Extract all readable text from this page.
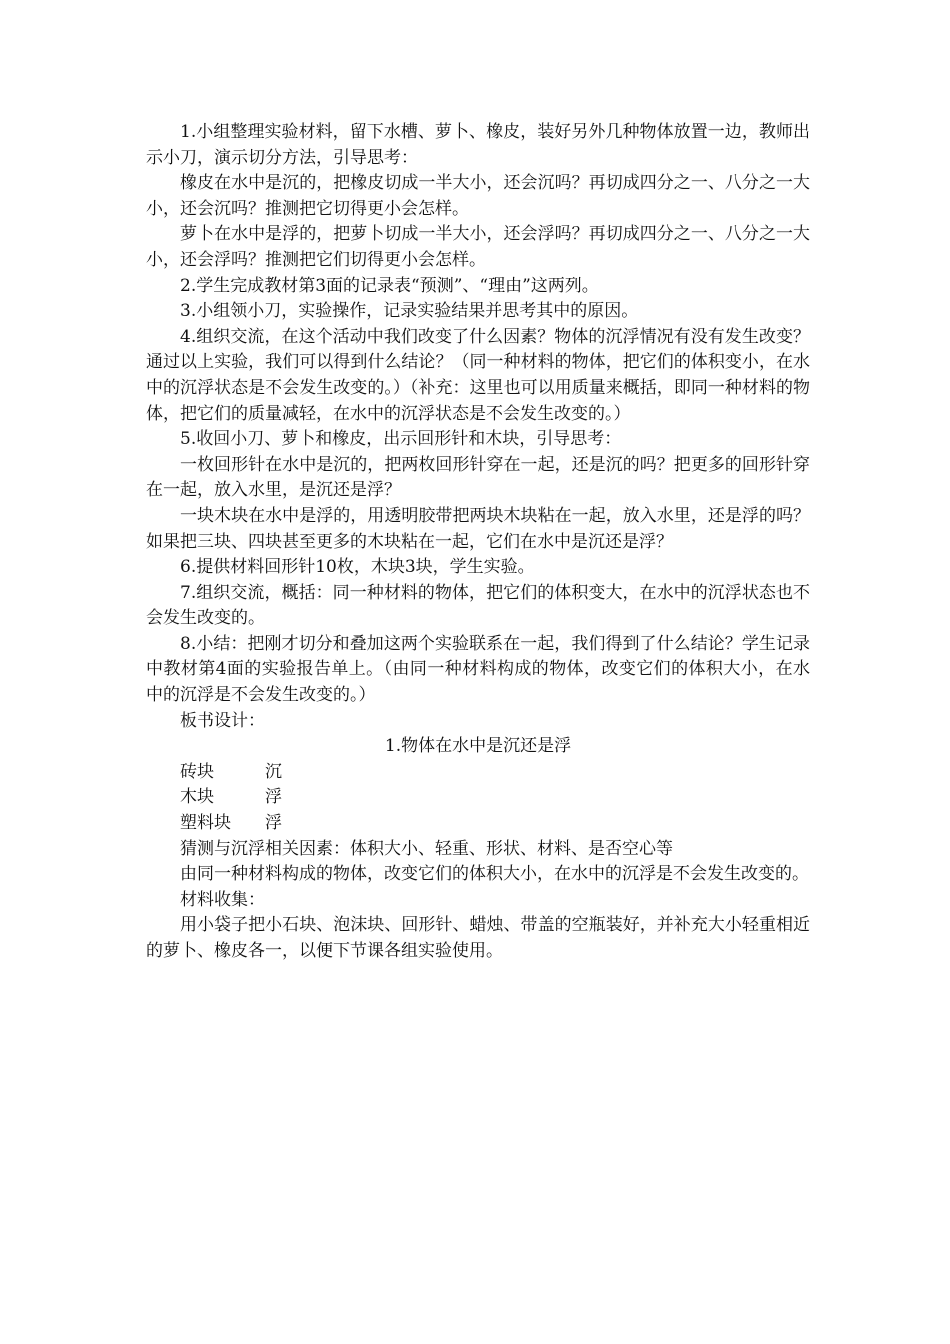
1.小组整理实验材料，留下水槽、萝卜、橡皮，装好另外几种物体放置一边，教师出示小刀，演示切分方法，引导思考：

橡皮在水中是沉的，把橡皮切成一半大小，还会沉吗？再切成四分之一、八分之一大小，还会沉吗？推测把它切得更小会怎样。

萝卜在水中是浮的，把萝卜切成一半大小，还会浮吗？再切成四分之一、八分之一大小，还会浮吗？推测把它们切得更小会怎样。

2.学生完成教材第3面的记录表“预测”、“理由”这两列。

3.小组领小刀，实验操作，记录实验结果并思考其中的原因。

4.组织交流，在这个活动中我们改变了什么因素？物体的沉浮情况有没有发生改变？通过以上实验，我们可以得到什么结论？（同一种材料的物体，把它们的体积变小，在水中的沉浮状态是不会发生改变的。）（补充：这里也可以用质量来概括，即同一种材料的物体，把它们的质量减轻，在水中的沉浮状态是不会发生改变的。）

5.收回小刀、萝卜和橡皮，出示回形针和木块，引导思考：

一枚回形针在水中是沉的，把两枚回形针穿在一起，还是沉的吗？把更多的回形针穿在一起，放入水里，是沉还是浮？

一块木块在水中是浮的，用透明胶带把两块木块粘在一起，放入水里，还是浮的吗？如果把三块、四块甚至更多的木块粘在一起，它们在水中是沉还是浮？

6.提供材料回形针10枚，木块3块，学生实验。

7.组织交流，概括：同一种材料的物体，把它们的体积变大，在水中的沉浮状态也不会发生改变的。

8.小结：把刚才切分和叠加这两个实验联系在一起，我们得到了什么结论？学生记录中教材第4面的实验报告单上。（由同一种材料构成的物体，改变它们的体积大小，在水中的沉浮是不会发生改变的。）

板书设计：

1.物体在水中是沉还是浮

砖块	沉
木块	浮
塑料块	浮

猜测与沉浮相关因素：体积大小、轻重、形状、材料、是否空心等

由同一种材料构成的物体，改变它们的体积大小，在水中的沉浮是不会发生改变的。

材料收集：

用小袋子把小石块、泡沫块、回形针、蜡烛、带盖的空瓶装好，并补充大小轻重相近的萝卜、橡皮各一，以便下节课各组实验使用。
